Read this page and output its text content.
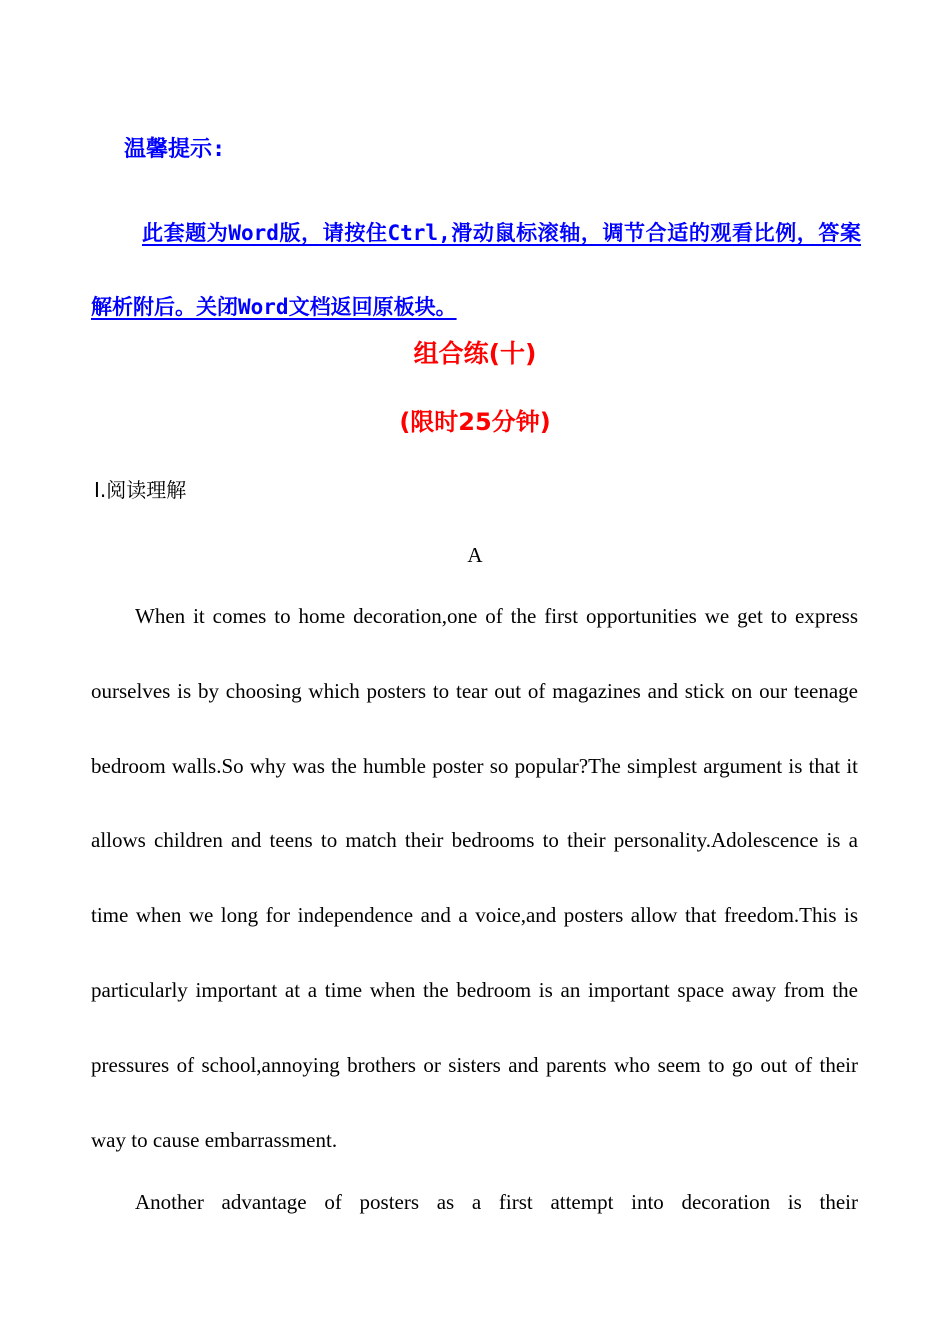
温馨提示:
此套题为Word版，请按住Ctrl,滑动鼠标滚轴，调节合适的观看比例，答案解析附后。关闭Word文档返回原板块。
组合练(十)
(限时25分钟)
Ⅰ.阅读理解
A

When it comes to home decoration,one of the first opportunities we get to express ourselves is by choosing which posters to tear out of magazines and stick on our teenage bedroom walls.So why was the humble poster so popular?The simplest argument is that it allows children and teens to match their bedrooms to their personality.Adolescence is a time when we long for independence and a voice,and posters allow that freedom.This is particularly important at a time when the bedroom is an important space away from the pressures of school,annoying brothers or sisters and parents who seem to go out of their way to cause embarrassment.

Another advantage of posters as a first attempt into decoration is their
